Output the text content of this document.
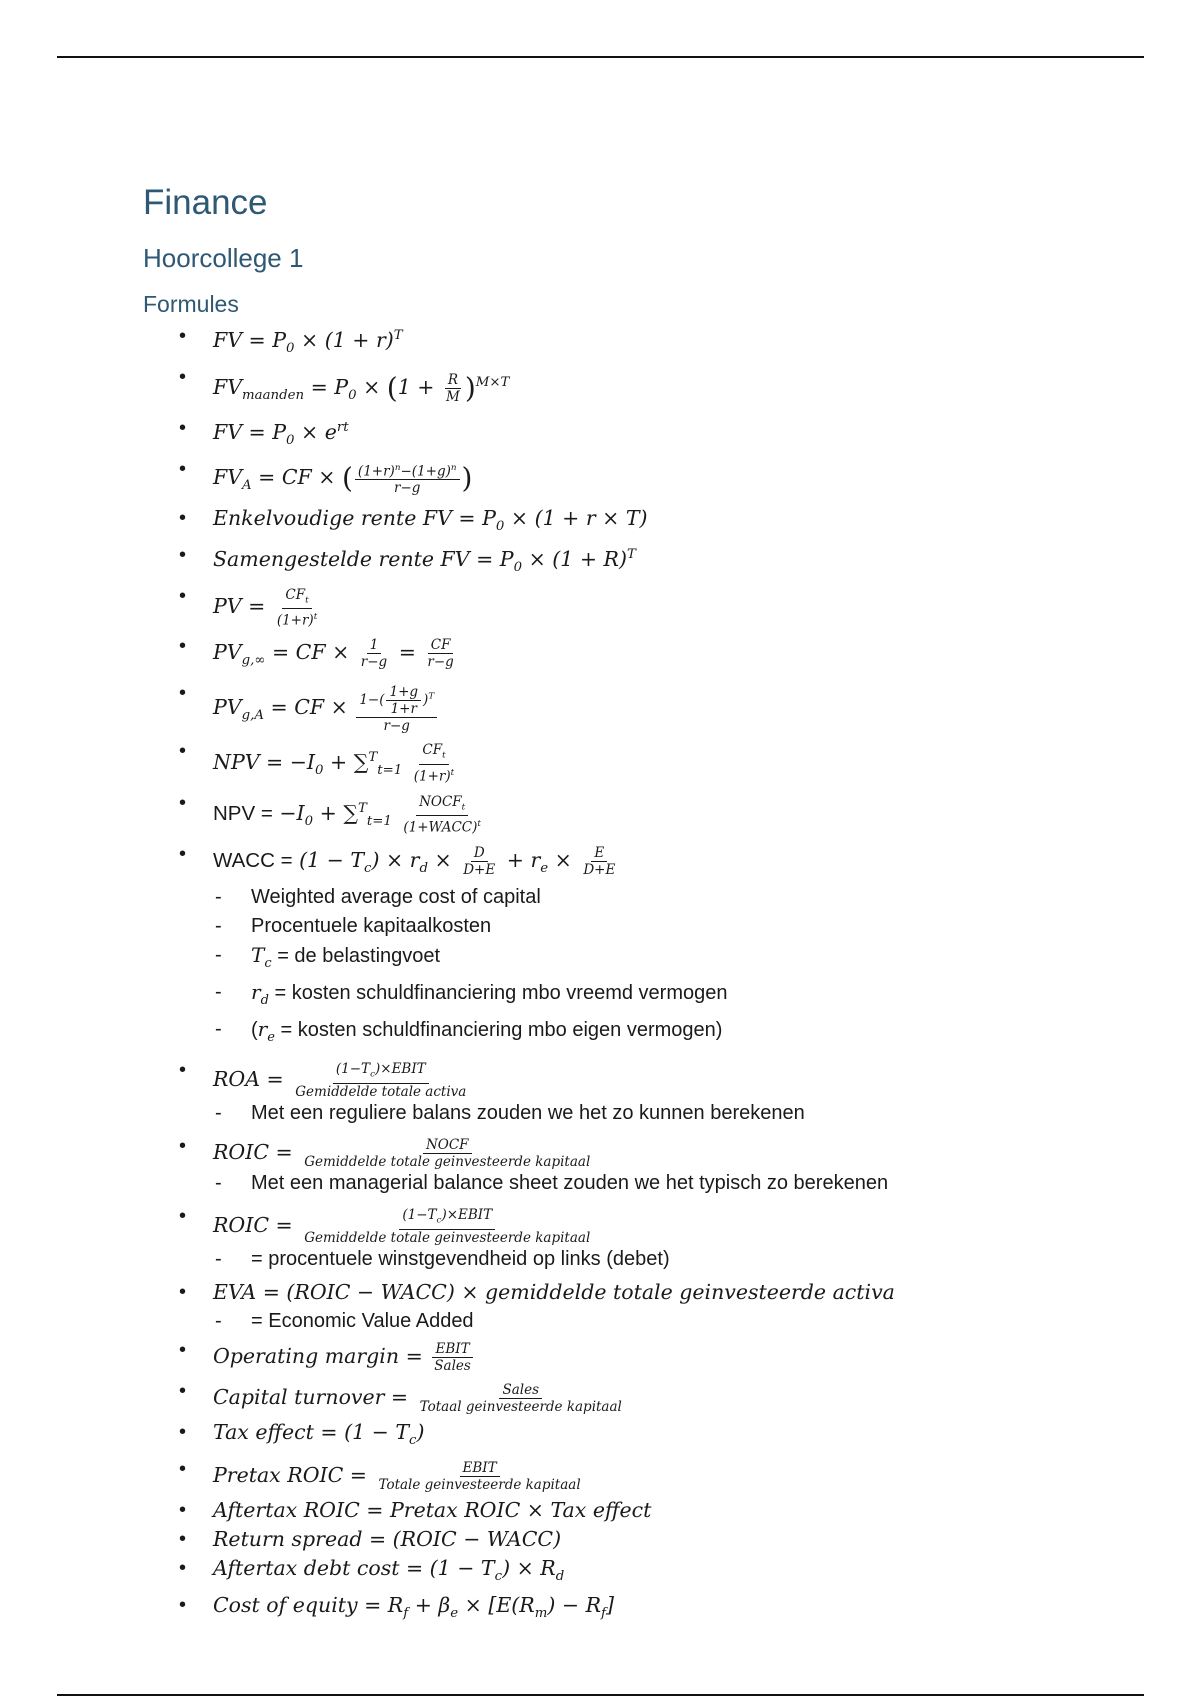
Finance
Hoorcollege 1
Formules
• FV = $P_0 \times (1 + r)^T$
• $FV_{maanden} = P_0 \times (1 + \frac{R}{M} )^{M\times T}$
• FV = $P_0 \times e^{rt}$
• $FV_A$ = CF × ( $\frac{(1+r)^n-(1+g)^n}{r-g}$ )
• Enkelvoudige rente FV = $P_0 \times (1 + r \times T)$
• Samengestelde rente FV = $P_0 \times (1 + R)^T$
• PV = $\frac{CF_t}{(1+r)^t}$
• $PV_{g,\infty}$ = CF × $\frac{1}{r-g} = \frac{CF}{r-g}$
• $PV_{g,A}$ = CF × $\frac{1-( \frac{1+g}{1+r} )^T}{r-g}$
• NPV = $-I_0 + \sum^T_{t=1} \frac{CF_t}{(1+r)^t}$
• NPV = $-I_0 + \sum^T_{t=1} \frac{NOCF_t}{(1+WACC)^t}$
• WACC = $(1 - T_c) \times r_d \times \frac{D}{D+E} + r_e \times \frac{E}{D+E}$
- Weighted average cost of capital
- Procentuele kapitaalkosten
- $T_c$ = de belastingvoet
- $r_d$ = kosten schuldfinanciering mbo vreemd vermogen
- ($r_e$ = kosten schuldfinanciering mbo eigen vermogen)
• ROA = $\frac{(1-T_c)\times EBIT}{\text{Gemiddelde totale activa}}$
- Met een reguliere balans zouden we het zo kunnen berekenen
• ROIC = $\frac{\text{NOCF}}{\text{Gemiddelde totale geinvesteerde kapitaal}}$
- Met een managerial balance sheet zouden we het typisch zo berekenen
• ROIC = $\frac{(1-T_c)\times EBIT}{\text{Gemiddelde totale geinvesteerde kapitaal}}$
- = procentuele winstgevendheid op links (debet)
• EVA = (ROIC − WACC) × gemiddelde totale geinvesteerde activa
- = Economic Value Added
• Operating margin = $\frac{\text{EBIT}}{\text{Sales}}$
• Capital turnover = $\frac{\text{Sales}}{\text{Totaal geinvesteerde kapitaal}}$
• Tax effect = $(1 - T_c)$
• Pretax ROIC = $\frac{\text{EBIT}}{\text{Totale geinvesteerde kapitaal}}$
• Aftertax ROIC = Pretax ROIC × Tax effect
• Return spread = (ROIC − WACC)
• Aftertax debt $\cos t = (1 - T_c) \times R_d$
• Cost of equity = $R_f + \beta_e \times [E(R_m) - R_f]$
